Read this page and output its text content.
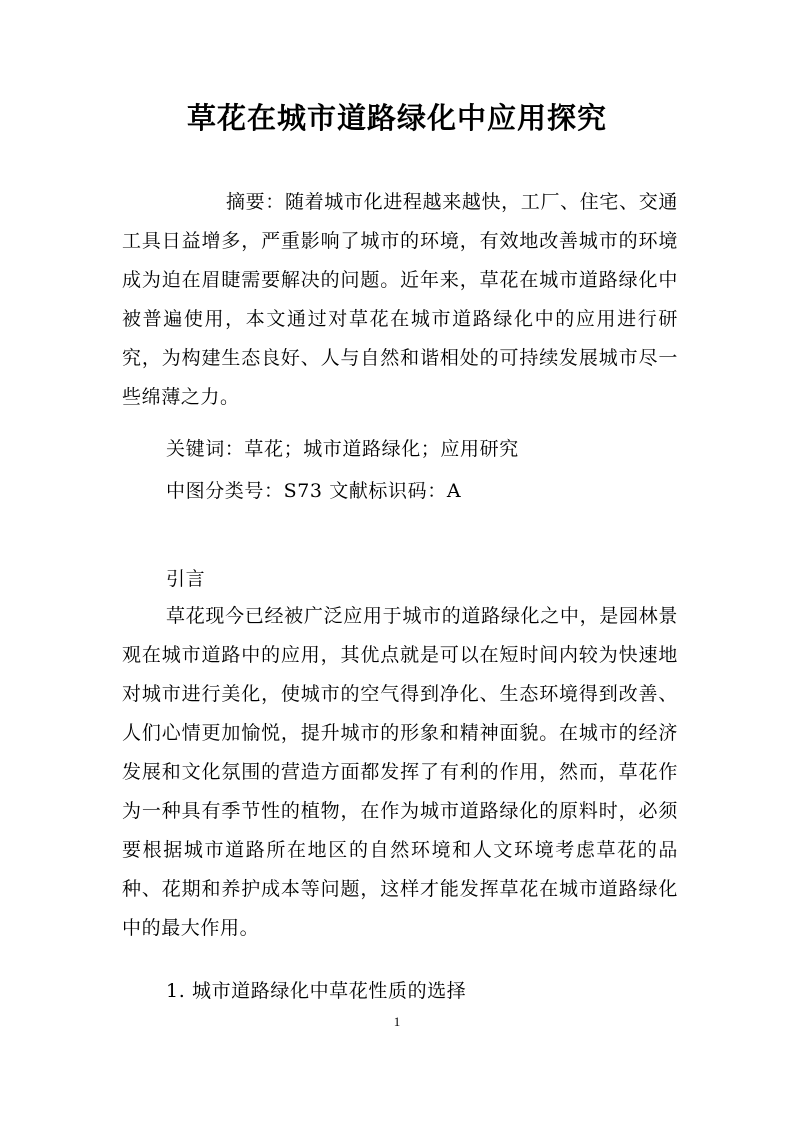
草花在城市道路绿化中应用探究
摘要：随着城市化进程越来越快，工厂、住宅、交通工具日益增多，严重影响了城市的环境，有效地改善城市的环境成为迫在眉睫需要解决的问题。近年来，草花在城市道路绿化中被普遍使用，本文通过对草花在城市道路绿化中的应用进行研究，为构建生态良好、人与自然和谐相处的可持续发展城市尽一些绵薄之力。
关键词：草花；城市道路绿化；应用研究
中图分类号：S73 文献标识码：A
引言
草花现今已经被广泛应用于城市的道路绿化之中，是园林景观在城市道路中的应用，其优点就是可以在短时间内较为快速地对城市进行美化，使城市的空气得到净化、生态环境得到改善、人们心情更加愉悦，提升城市的形象和精神面貌。在城市的经济发展和文化氛围的营造方面都发挥了有利的作用，然而，草花作为一种具有季节性的植物，在作为城市道路绿化的原料时，必须要根据城市道路所在地区的自然环境和人文环境考虑草花的品种、花期和养护成本等问题，这样才能发挥草花在城市道路绿化中的最大作用。
1. 城市道路绿化中草花性质的选择
1
